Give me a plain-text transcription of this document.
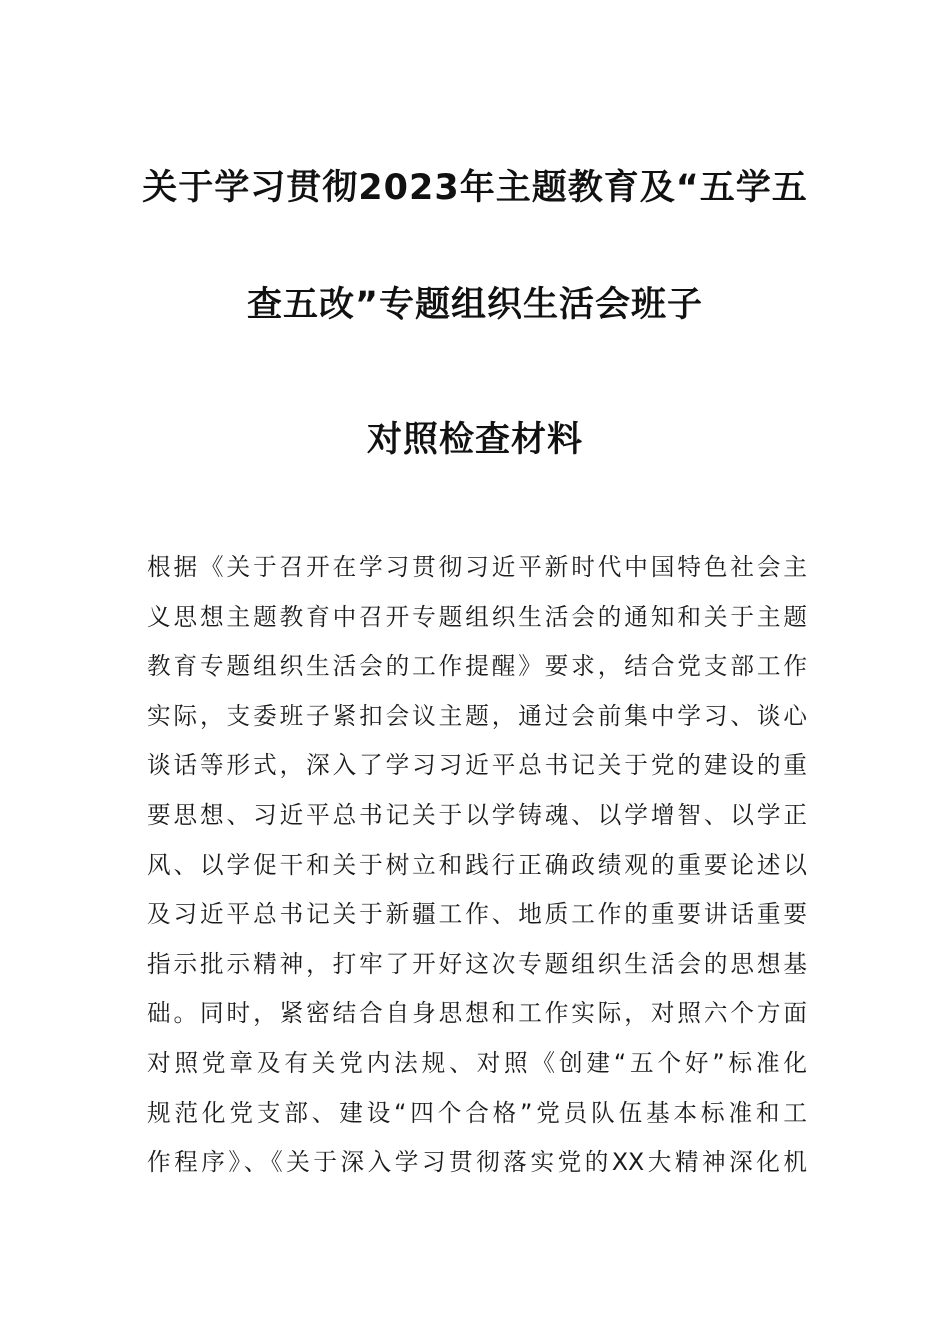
关于学习贯彻2023年主题教育及“五学五
查五改”专题组织生活会班子
对照检查材料
根据《关于召开在学习贯彻习近平新时代中国特色社会主
义思想主题教育中召开专题组织生活会的通知和关于主题
教育专题组织生活会的工作提醒》要求，结合党支部工作
实际，支委班子紧扣会议主题，通过会前集中学习、谈心
谈话等形式，深入了学习习近平总书记关于党的建设的重
要思想、习近平总书记关于以学铸魂、以学增智、以学正
风、以学促干和关于树立和践行正确政绩观的重要论述以
及习近平总书记关于新疆工作、地质工作的重要讲话重要
指示批示精神，打牢了开好这次专题组织生活会的思想基
础。同时，紧密结合自身思想和工作实际，对照六个方面
对照党章及有关党内法规、对照《创建“五个好”标准化
规范化党支部、建设“四个合格”党员队伍基本标准和工
作程序》、《关于深入学习贯彻落实党的XX大精神深化机
